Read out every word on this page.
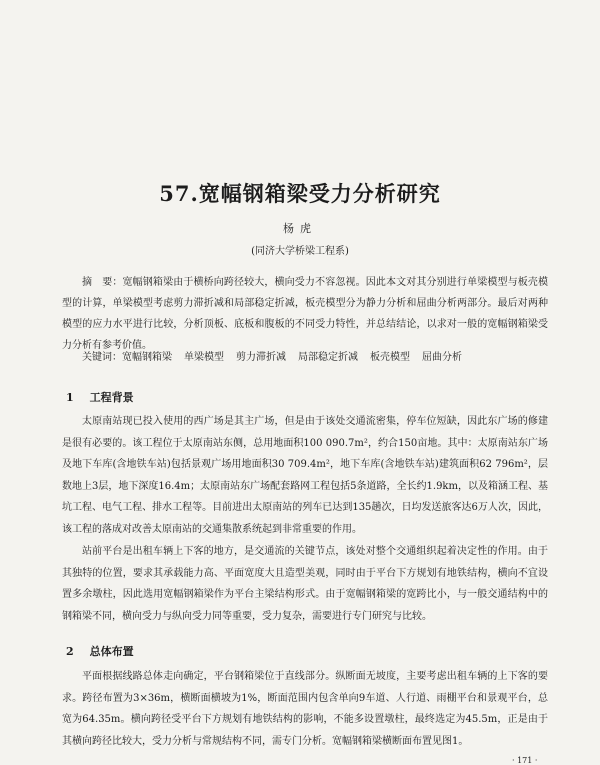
57.宽幅钢箱梁受力分析研究
杨虎
(同济大学桥梁工程系)
摘　要：宽幅钢箱梁由于横桥向跨径较大，横向受力不容忽视。因此本文对其分别进行单梁模型与板壳模型的计算，单梁模型考虑剪力滞折减和局部稳定折减，板壳模型分为静力分析和屈曲分析两部分。最后对两种模型的应力水平进行比较，分析顶板、底板和腹板的不同受力特性，并总结结论，以求对一般的宽幅钢箱梁受力分析有参考价值。
关键词：宽幅钢箱梁 单梁模型 剪力滞折减 局部稳定折减 板壳模型 屈曲分析
1 工程背景
太原南站现已投入使用的西广场是其主广场，但是由于该处交通流密集，停车位短缺，因此东广场的修建是很有必要的。该工程位于太原南站东侧，总用地面积100 090.7m²，约合150亩地。其中：太原南站东广场及地下车库(含地铁车站)包括景观广场用地面积30 709.4m²，地下车库(含地铁车站)建筑面积62 796m²，层数地上3层，地下深度16.4m；太原南站东广场配套路网工程包括5条道路，全长约1.9km，以及箱涵工程、基坑工程、电气工程、排水工程等。目前进出太原南站的列车已达到135趟次，日均发送旅客达6万人次，因此，该工程的落成对改善太原南站的交通集散系统起到非常重要的作用。
站前平台是出租车辆上下客的地方，是交通流的关键节点，该处对整个交通组织起着决定性的作用。由于其独特的位置，要求其承载能力高、平面宽度大且造型美观，同时由于平台下方规划有地铁结构，横向不宜设置多余墩柱，因此选用宽幅钢箱梁作为平台主梁结构形式。由于宽幅钢箱梁的宽跨比小，与一般交通结构中的钢箱梁不同，横向受力与纵向受力同等重要，受力复杂，需要进行专门研究与比较。
2 总体布置
平面根据线路总体走向确定，平台钢箱梁位于直线部分。纵断面无坡度，主要考虑出租车辆的上下客的要求。跨径布置为3×36m，横断面横坡为1%，断面范围内包含单向9车道、人行道、雨棚平台和景观平台，总宽为64.35m。横向跨径受平台下方规划有地铁结构的影响，不能多设置墩柱，最终选定为45.5m，正是由于其横向跨径比较大，受力分析与常规结构不同，需专门分析。宽幅钢箱梁横断面布置见图1。
· 171 ·
